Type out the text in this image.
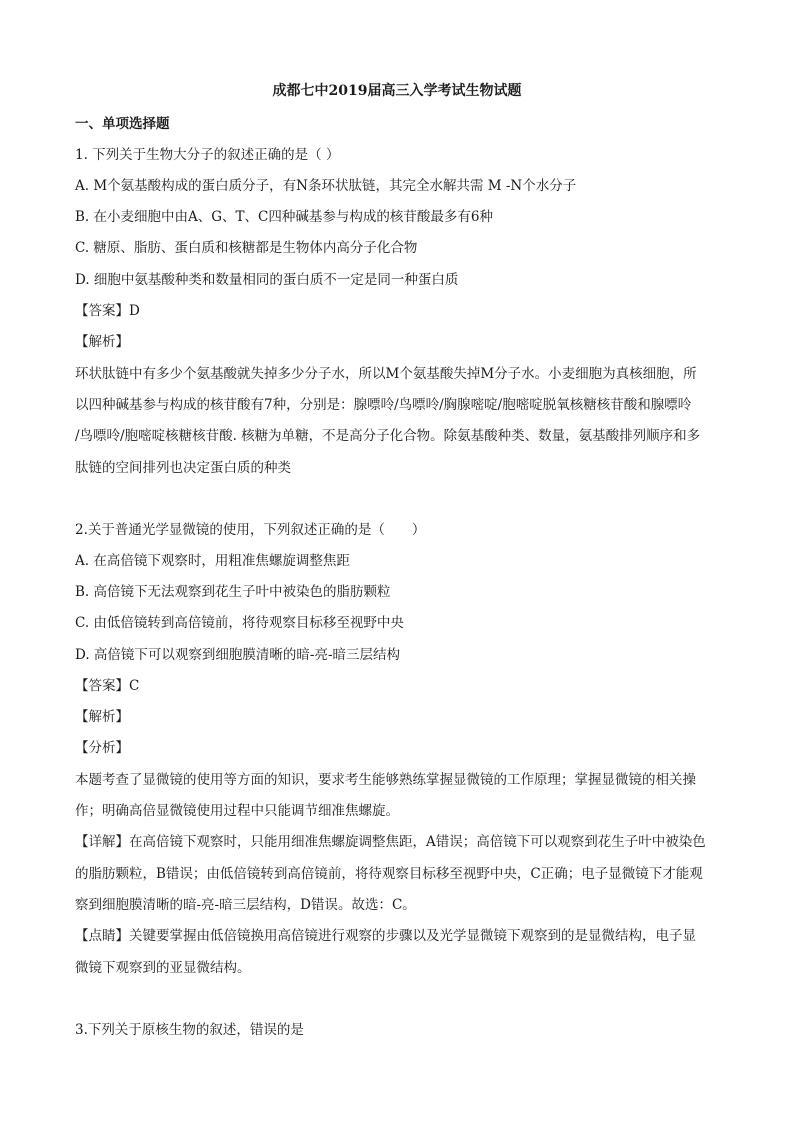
成都七中2019届高三入学考试生物试题
一、单项选择题
1. 下列关于生物大分子的叙述正确的是（ ）
A. M个氨基酸构成的蛋白质分子，有N条环状肽链，其完全水解共需 M -N个水分子
B. 在小麦细胞中由A、G、T、C四种碱基参与构成的核苷酸最多有6种
C. 糖原、脂肪、蛋白质和核糖都是生物体内高分子化合物
D. 细胞中氨基酸种类和数量相同的蛋白质不一定是同一种蛋白质
【答案】D
【解析】
环状肽链中有多少个氨基酸就失掉多少分子水，所以M个氨基酸失掉M分子水。小麦细胞为真核细胞，所
以四种碱基参与构成的核苷酸有7种，分别是：腺嘌呤/鸟嘌呤/胸腺嘧啶/胞嘧啶脱氧核糖核苷酸和腺嘌呤
/鸟嘌呤/胞嘧啶核糖核苷酸. 核糖为单糖，不是高分子化合物。除氨基酸种类、数量，氨基酸排列顺序和多
肽链的空间排列也决定蛋白质的种类
2.关于普通光学显微镜的使用，下列叙述正确的是（　　）
A. 在高倍镜下观察时，用粗准焦螺旋调整焦距
B. 高倍镜下无法观察到花生子叶中被染色的脂肪颗粒
C. 由低倍镜转到高倍镜前，将待观察目标移至视野中央
D. 高倍镜下可以观察到细胞膜清晰的暗-亮-暗三层结构
【答案】C
【解析】
【分析】
本题考查了显微镜的使用等方面的知识，要求考生能够熟练掌握显微镜的工作原理；掌握显微镜的相关操
作；明确高倍显微镜使用过程中只能调节细准焦螺旋。
【详解】在高倍镜下观察时，只能用细准焦螺旋调整焦距，A错误；高倍镜下可以观察到花生子叶中被染色
的脂肪颗粒，B错误；由低倍镜转到高倍镜前，将待观察目标移至视野中央，C正确；电子显微镜下才能观
察到细胞膜清晰的暗-亮-暗三层结构，D错误。故选：C。
【点睛】关键要掌握由低倍镜换用高倍镜进行观察的步骤以及光学显微镜下观察到的是显微结构，电子显
微镜下观察到的亚显微结构。
3.下列关于原核生物的叙述，错误的是
